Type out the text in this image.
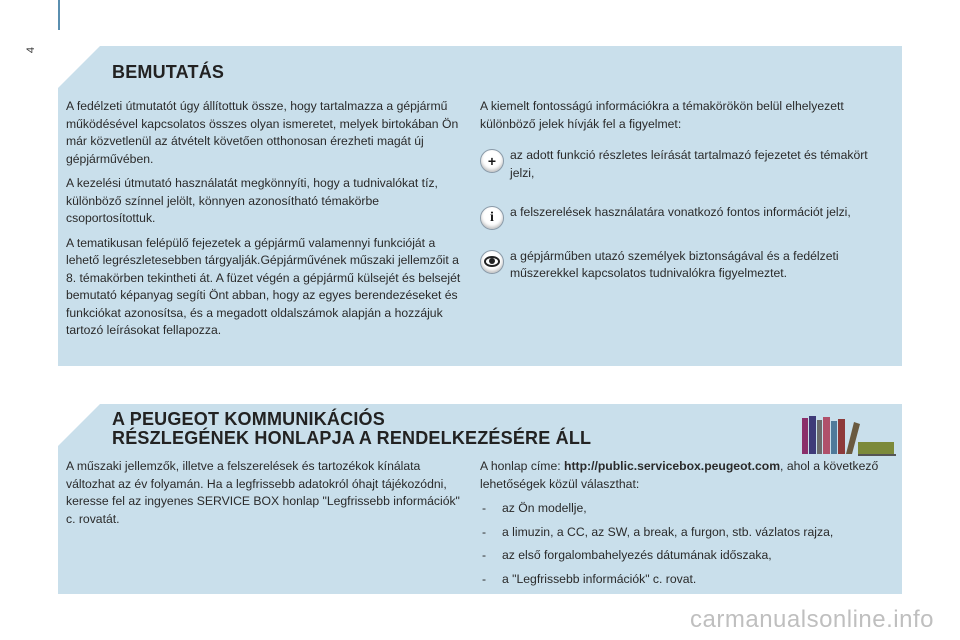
4
BEMUTATÁS

A fedélzeti útmutatót úgy állítottuk össze, hogy tartalmazza a gépjármű működésével kapcsolatos összes olyan ismeretet, melyek birtokában Ön már közvetlenül az átvételt követően otthonosan érezheti magát új gépjárművében.

A kezelési útmutató használatát megkönnyíti, hogy a tudnivalókat tíz, különböző színnel jelölt, könnyen azonosítható témakörbe csoportosítottuk.

A tematikusan felépülő fejezetek a gépjármű valamennyi funkcióját a lehető legrészletesebben tárgyalják.Gépjárművének műszaki jellemzőit a 8. témakörben tekintheti át. A füzet végén a gépjármű külsejét és belsejét bemutató képanyag segíti Önt abban, hogy az egyes berendezéseket és funkciókat azonosítsa, és a megadott oldalszámok alapján a hozzájuk tartozó leírásokat fellapozza.

A kiemelt fontosságú információkra a témakörökön belül elhelyezett különböző jelek hívják fel a figyelmet:

+ az adott funkció részletes leírását tartalmazó fejezetet és témakört jelzi,
i a felszerelések használatára vonatkozó fontos információt jelzi,
a gépjárműben utazó személyek biztonságával és a fedélzeti műszerekkel kapcsolatos tudnivalókra figyelmeztet.
A PEUGEOT KOMMUNIKÁCIÓS
RÉSZLEGÉNEK HONLAPJA A RENDELKEZÉSÉRE ÁLL

A műszaki jellemzők, illetve a felszerelések és tartozékok kínálata változhat az év folyamán. Ha a legfrissebb adatokról óhajt tájékozódni, keresse fel az ingyenes SERVICE BOX honlap "Legfrissebb információk" c. rovatát.

A honlap címe: http://public.servicebox.peugeot.com, ahol a következő lehetőségek közül választhat:

- az Ön modellje,
- a limuzin, a CC, az SW, a break, a furgon, stb. vázlatos rajza,
- az első forgalombahelyezés dátumának időszaka,
- a "Legfrissebb információk" c. rovat.
carmanualsonline.info
